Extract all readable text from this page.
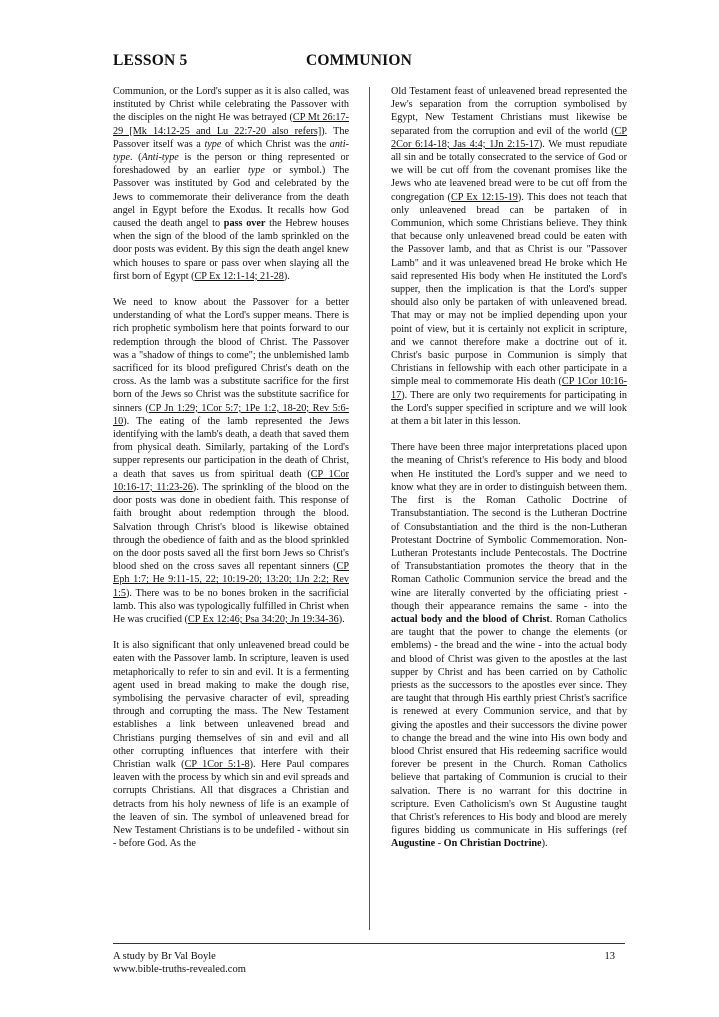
LESSON 5	COMMUNION

Communion, or the Lord's supper as it is also called, was instituted by Christ while celebrating the Passover with the disciples on the night He was betrayed (CP Mt 26:17-29 [Mk 14:12-25 and Lu 22:7-20 also refers]). The Passover itself was a type of which Christ was the anti-type. (Anti-type is the person or thing represented or foreshadowed by an earlier type or symbol.) The Passover was instituted by God and celebrated by the Jews to commemorate their deliverance from the death angel in Egypt before the Exodus. It recalls how God caused the death angel to pass over the Hebrew houses when the sign of the blood of the lamb sprinkled on the door posts was evident. By this sign the death angel knew which houses to spare or pass over when slaying all the first born of Egypt (CP Ex 12:1-14; 21-28).

We need to know about the Passover for a better understanding of what the Lord's supper means. There is rich prophetic symbolism here that points forward to our redemption through the blood of Christ. The Passover was a "shadow of things to come"; the unblemished lamb sacrificed for its blood prefigured Christ's death on the cross. As the lamb was a substitute sacrifice for the first born of the Jews so Christ was the substitute sacrifice for sinners (CP Jn 1:29; 1Cor 5:7; 1Pe 1:2, 18-20; Rev 5:6-10). The eating of the lamb represented the Jews identifying with the lamb's death, a death that saved them from physical death. Similarly, partaking of the Lord's supper represents our participation in the death of Christ, a death that saves us from spiritual death (CP 1Cor 10:16-17; 11:23-26). The sprinkling of the blood on the door posts was done in obedient faith. This response of faith brought about redemption through the blood. Salvation through Christ's blood is likewise obtained through the obedience of faith and as the blood sprinkled on the door posts saved all the first born Jews so Christ's blood shed on the cross saves all repentant sinners (CP Eph 1:7; He 9:11-15, 22; 10:19-20; 13:20; 1Jn 2:2; Rev 1:5). There was to be no bones broken in the sacrificial lamb. This also was typologically fulfilled in Christ when He was crucified (CP Ex 12:46; Psa 34:20; Jn 19:34-36).

It is also significant that only unleavened bread could be eaten with the Passover lamb. In scripture, leaven is used metaphorically to refer to sin and evil. It is a fermenting agent used in bread making to make the dough rise, symbolising the pervasive character of evil, spreading through and corrupting the mass. The New Testament establishes a link between unleavened bread and Christians purging themselves of sin and evil and all other corrupting influences that interfere with their Christian walk (CP 1Cor 5:1-8). Here Paul compares leaven with the process by which sin and evil spreads and corrupts Christians. All that disgraces a Christian and detracts from his holy newness of life is an example of the leaven of sin. The symbol of unleavened bread for New Testament Christians is to be undefiled - without sin - before God. As the

Old Testament feast of unleavened bread represented the Jew's separation from the corruption symbolised by Egypt, New Testament Christians must likewise be separated from the corruption and evil of the world (CP 2Cor 6:14-18; Jas 4:4; 1Jn 2:15-17). We must repudiate all sin and be totally consecrated to the service of God or we will be cut off from the covenant promises like the Jews who ate leavened bread were to be cut off from the congregation (CP Ex 12:15-19). This does not teach that only unleavened bread can be partaken of in Communion, which some Christians believe. They think that because only unleavened bread could be eaten with the Passover lamb, and that as Christ is our "Passover Lamb" and it was unleavened bread He broke which He said represented His body when He instituted the Lord's supper, then the implication is that the Lord's supper should also only be partaken of with unleavened bread. That may or may not be implied depending upon your point of view, but it is certainly not explicit in scripture, and we cannot therefore make a doctrine out of it. Christ's basic purpose in Communion is simply that Christians in fellowship with each other participate in a simple meal to commemorate His death (CP 1Cor 10:16-17). There are only two requirements for participating in the Lord's supper specified in scripture and we will look at them a bit later in this lesson.

There have been three major interpretations placed upon the meaning of Christ's reference to His body and blood when He instituted the Lord's supper and we need to know what they are in order to distinguish between them. The first is the Roman Catholic Doctrine of Transubstantiation. The second is the Lutheran Doctrine of Consubstantiation and the third is the non-Lutheran Protestant Doctrine of Symbolic Commemoration. Non-Lutheran Protestants include Pentecostals. The Doctrine of Transubstantiation promotes the theory that in the Roman Catholic Communion service the bread and the wine are literally converted by the officiating priest - though their appearance remains the same - into the actual body and the blood of Christ. Roman Catholics are taught that the power to change the elements (or emblems) - the bread and the wine - into the actual body and blood of Christ was given to the apostles at the last supper by Christ and has been carried on by Catholic priests as the successors to the apostles ever since. They are taught that through His earthly priest Christ's sacrifice is renewed at every Communion service, and that by giving the apostles and their successors the divine power to change the bread and the wine into His own body and blood Christ ensured that His redeeming sacrifice would forever be present in the Church. Roman Catholics believe that partaking of Communion is crucial to their salvation. There is no warrant for this doctrine in scripture. Even Catholicism's own St Augustine taught that Christ's references to His body and blood are merely figures bidding us communicate in His sufferings (ref Augustine - On Christian Doctrine).

A study by Br Val Boyle
www.bible-truths-revealed.com
13
